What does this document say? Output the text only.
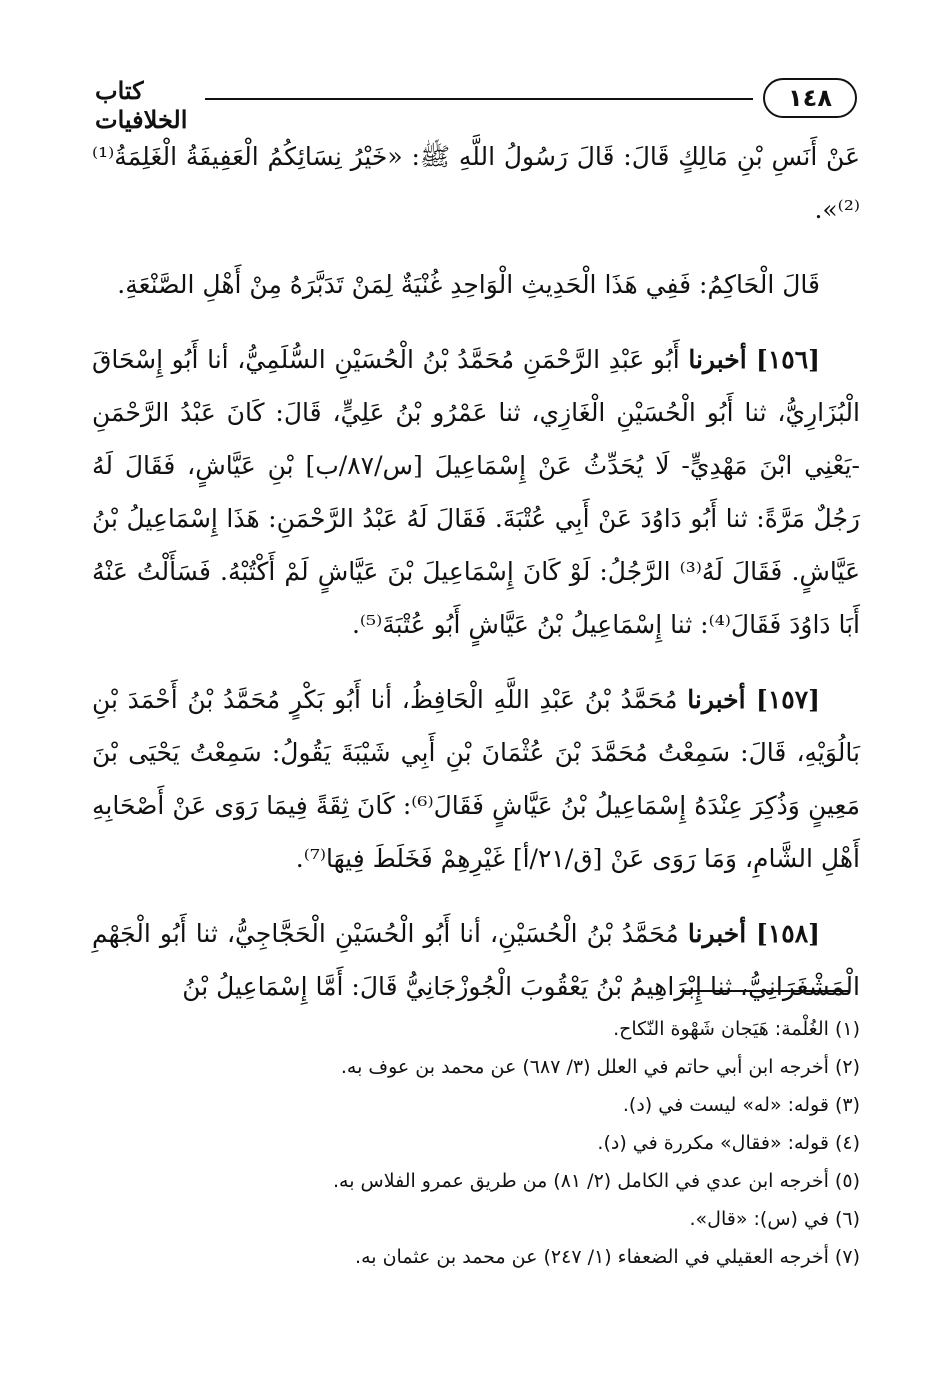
١٤٨
كتاب الخلافيات

عَنْ أَنَسِ بْنِ مَالِكٍ قَالَ: قَالَ رَسُولُ اللَّهِ ﷺ: «خَيْرُ نِسَائِكُمُ الْعَفِيفَةُ الْغَلِمَةُ⁽¹⁾⁽²⁾».

قَالَ الْحَاكِمُ: فَفِي هَذَا الْحَدِيثِ الْوَاحِدِ غُنْيَةٌ لِمَنْ تَدَبَّرَهُ مِنْ أَهْلِ الصَّنْعَةِ.

[١٥٦] أخبرنا أَبُو عَبْدِ الرَّحْمَنِ مُحَمَّدُ بْنُ الْحُسَيْنِ السُّلَمِيُّ، أنا أَبُو إِسْحَاقَ الْبُزَارِيُّ، ثنا أَبُو الْحُسَيْنِ الْغَازِي، ثنا عَمْرُو بْنُ عَلِيٍّ، قَالَ: كَانَ عَبْدُ الرَّحْمَنِ -يَعْنِي ابْنَ مَهْدِيٍّ- لَا يُحَدِّثُ عَنْ إِسْمَاعِيلَ [س/٨٧/ب] بْنِ عَيَّاشٍ، فَقَالَ لَهُ رَجُلٌ مَرَّةً: ثنا أَبُو دَاوُدَ عَنْ أَبِي عُتْبَةَ. فَقَالَ لَهُ عَبْدُ الرَّحْمَنِ: هَذَا إِسْمَاعِيلُ بْنُ عَيَّاشٍ. فَقَالَ لَهُ⁽³⁾ الرَّجُلُ: لَوْ كَانَ إِسْمَاعِيلَ بْنَ عَيَّاشٍ لَمْ أَكْتُبْهُ. فَسَأَلْتُ عَنْهُ أَبَا دَاوُدَ فَقَالَ⁽⁴⁾: ثنا إِسْمَاعِيلُ بْنُ عَيَّاشٍ أَبُو عُتْبَةَ⁽⁵⁾.

[١٥٧] أخبرنا مُحَمَّدُ بْنُ عَبْدِ اللَّهِ الْحَافِظُ، أنا أَبُو بَكْرٍ مُحَمَّدُ بْنُ أَحْمَدَ بْنِ بَالُوَيْهِ، قَالَ: سَمِعْتُ مُحَمَّدَ بْنَ عُثْمَانَ بْنِ أَبِي شَيْبَةَ يَقُولُ: سَمِعْتُ يَحْيَى بْنَ مَعِينٍ وَذُكِرَ عِنْدَهُ إِسْمَاعِيلُ بْنُ عَيَّاشٍ فَقَالَ⁽⁶⁾: كَانَ ثِقَةً فِيمَا رَوَى عَنْ أَصْحَابِهِ أَهْلِ الشَّامِ، وَمَا رَوَى عَنْ [ق/٢١/أ] غَيْرِهِمْ فَخَلَطَ فِيهَا⁽⁷⁾.

[١٥٨] أخبرنا مُحَمَّدُ بْنُ الْحُسَيْنِ، أنا أَبُو الْحُسَيْنِ الْحَجَّاجِيُّ، ثنا أَبُو الْجَهْمِ الْمَشْغَرَانِيُّ، ثنا إِبْرَاهِيمُ بْنُ يَعْقُوبَ الْجُوزْجَانِيُّ قَالَ: أَمَّا إِسْمَاعِيلُ بْنُ

(١) الغُلْمة: هَيَجان شَهْوة النّكاح.

(٢) أخرجه ابن أبي حاتم في العلل (٣/ ٦٨٧) عن محمد بن عوف به.

(٣) قوله: «له» ليست في (د).

(٤) قوله: «فقال» مكررة في (د).

(٥) أخرجه ابن عدي في الكامل (٢/ ٨١) من طريق عمرو الفلاس به.

(٦) في (س): «قال».

(٧) أخرجه العقيلي في الضعفاء (١/ ٢٤٧) عن محمد بن عثمان به.
